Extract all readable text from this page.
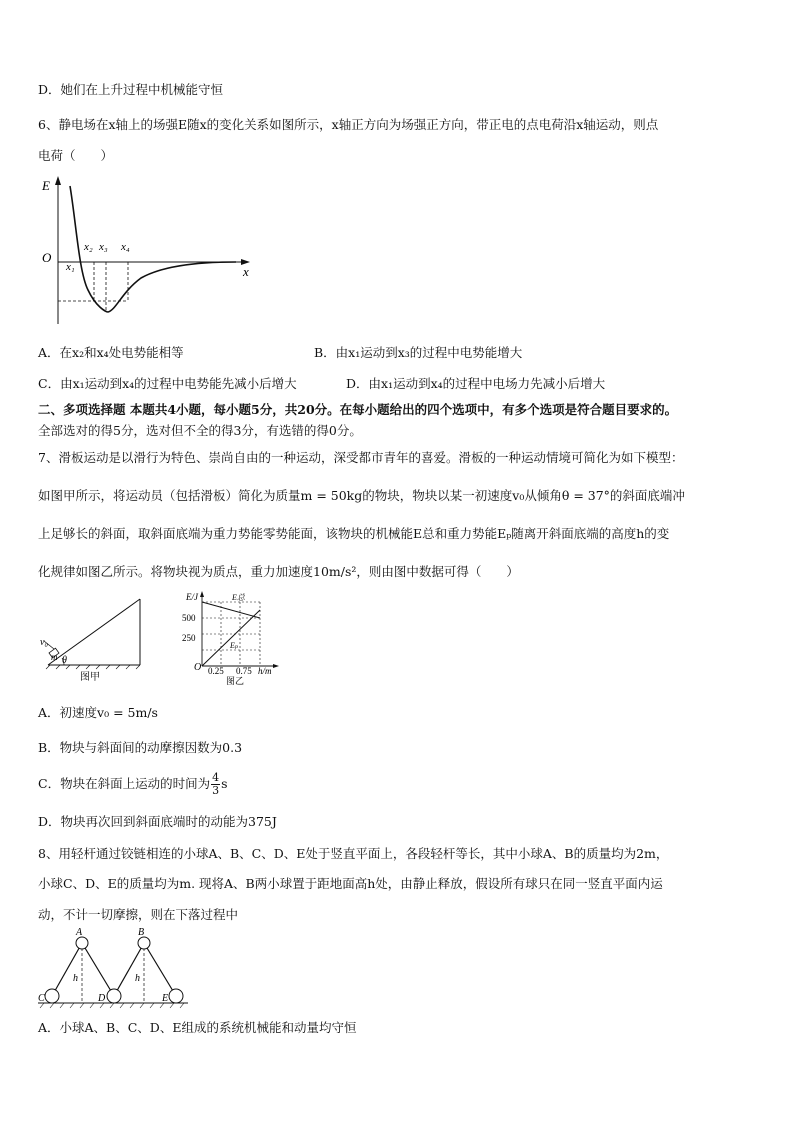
D．她们在上升过程中机械能守恒
6、静电场在x轴上的场强E随x的变化关系如图所示，x轴正方向为场强正方向，带正电的点电荷沿x轴运动，则点
电荷（　　）
E
O
x
x₁
x₂ x₃ x₄
A．在x₂和x₄处电势能相等	B．由x₁运动到x₃的过程中电势能增大
C．由x₁运动到x₄的过程中电势能先减小后增大	D．由x₁运动到x₄的过程中电场力先减小后增大
二、多项选择题 本题共4小题，每小题5分，共20分。在每小题给出的四个选项中，有多个选项是符合题目要求的。
全部选对的得5分，选对但不全的得3分，有选错的得0分。
7、滑板运动是以滑行为特色、崇尚自由的一种运动，深受都市青年的喜爱。滑板的一种运动情境可简化为如下模型：
如图甲所示，将运动员（包括滑板）简化为质量m = 50kg的物块，物块以某一初速度v₀从倾角θ = 37°的斜面底端冲
上足够长的斜面，取斜面底端为重力势能零势能面，该物块的机械能E总和重力势能Eₚ随离开斜面底端的高度h的变
化规律如图乙所示。将物块视为质点，重力加速度10m/s²，则由图中数据可得（　　）
v₀
m θ
图甲
E/J	E总
Eₚ
500
250
O 0.25 0.75 h/m
图乙
A．初速度v₀ = 5m/s
B．物块与斜面间的动摩擦因数为0.3
C．物块在斜面上运动的时间为 $\frac{4}{3}$ s
D．物块再次回到斜面底端时的动能为375J
8、用轻杆通过铰链相连的小球A、B、C、D、E处于竖直平面上，各段轻杆等长，其中小球A、B的质量均为2m，
小球C、D、E的质量均为m. 现将A、B两小球置于距地面高h处，由静止释放，假设所有球只在同一竖直平面内运
动，不计一切摩擦，则在下落过程中
A	B
C	D	E
h	h
A．小球A、B、C、D、E组成的系统机械能和动量均守恒
